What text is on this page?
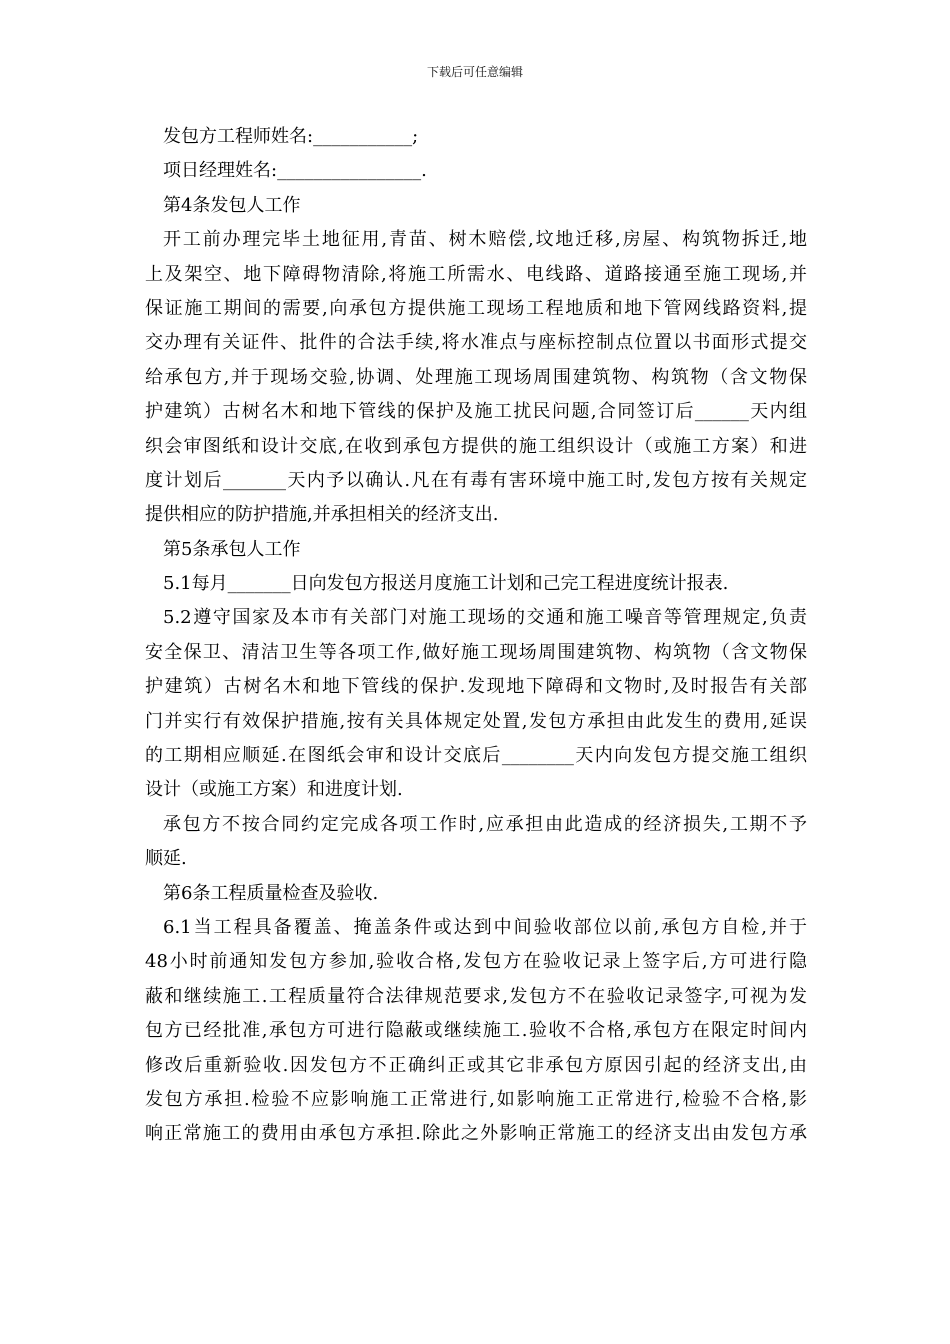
下载后可任意编辑
发包方工程师姓名:___________;
项日经理姓名:________________.
第4条发包人工作
开工前办理完毕土地征用,青苗、树木赔偿,坟地迁移,房屋、构筑物拆迁,地
上及架空、地下障碍物清除,将施工所需水、电线路、道路接通至施工现场,并
保证施工期间的需要,向承包方提供施工现场工程地质和地下管网线路资料,提
交办理有关证件、批件的合法手续,将水准点与座标控制点位置以书面形式提交
给承包方,并于现场交验,协调、处理施工现场周围建筑物、构筑物（含文物保
护建筑）古树名木和地下管线的保护及施工扰民问题,合同签订后______天内组
织会审图纸和设计交底,在收到承包方提供的施工组织设计（或施工方案）和进
度计划后_______天内予以确认.凡在有毒有害环境中施工时,发包方按有关规定
提供相应的防护措施,并承担相关的经济支出.
第5条承包人工作
5.1每月_______日向发包方报送月度施工计划和己完工程进度统计报表.
5.2遵守国家及本市有关部门对施工现场的交通和施工噪音等管理规定,负责
安全保卫、清洁卫生等各项工作,做好施工现场周围建筑物、构筑物（含文物保
护建筑）古树名木和地下管线的保护.发现地下障碍和文物时,及时报告有关部
门并实行有效保护措施,按有关具体规定处置,发包方承担由此发生的费用,延误
的工期相应顺延.在图纸会审和设计交底后________天内向发包方提交施工组织
设计（或施工方案）和进度计划.
承包方不按合同约定完成各项工作时,应承担由此造成的经济损失,工期不予
顺延.
第6条工程质量检查及验收.
6.1当工程具备覆盖、掩盖条件或达到中间验收部位以前,承包方自检,并于
48小时前通知发包方参加,验收合格,发包方在验收记录上签字后,方可进行隐
蔽和继续施工.工程质量符合法律规范要求,发包方不在验收记录签字,可视为发
包方已经批准,承包方可进行隐蔽或继续施工.验收不合格,承包方在限定时间内
修改后重新验收.因发包方不正确纠正或其它非承包方原因引起的经济支出,由
发包方承担.检验不应影响施工正常进行,如影响施工正常进行,检验不合格,影
响正常施工的费用由承包方承担.除此之外影响正常施工的经济支出由发包方承
